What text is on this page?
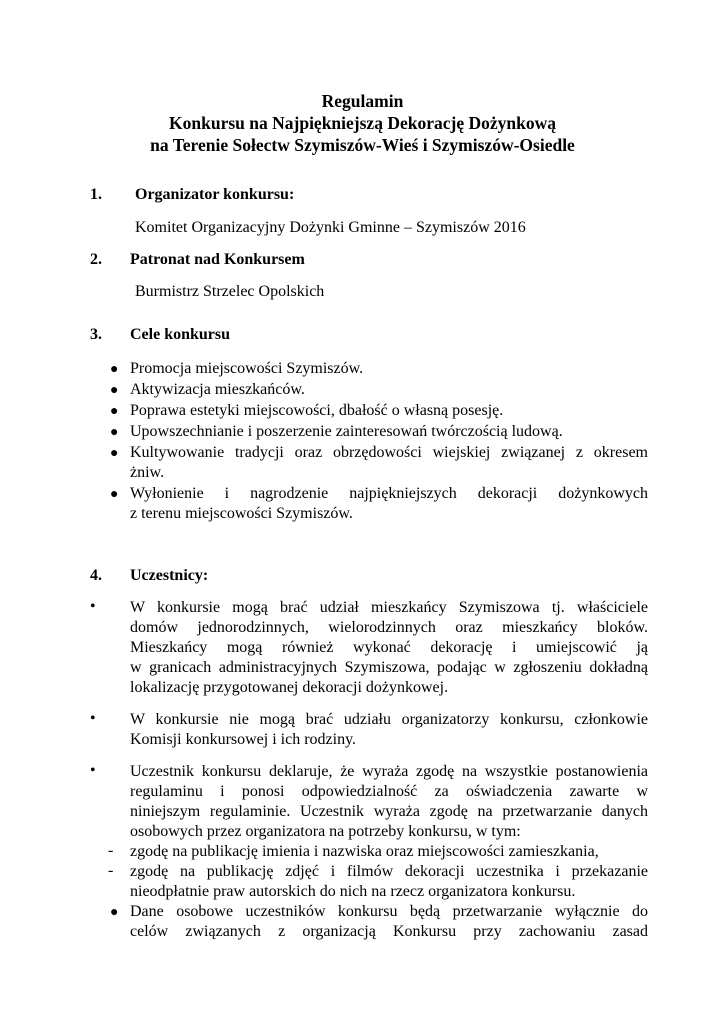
Regulamin
Konkursu na Najpiękniejszą Dekorację Dożynkową
na Terenie Sołectw Szymiszów-Wieś i Szymiszów-Osiedle
1. Organizator konkursu:
Komitet Organizacyjny Dożynki Gminne – Szymiszów 2016
2. Patronat nad Konkursem
Burmistrz Strzelec Opolskich
3. Cele konkursu
● Promocja miejscowości Szymiszów.
● Aktywizacja mieszkańców.
● Poprawa estetyki miejscowości, dbałość o własną posesję.
● Upowszechnianie i poszerzenie zainteresowań twórczością ludową.
● Kultywowanie tradycji oraz obrzędowości wiejskiej związanej z okresem
żniw.
● Wyłonienie i nagrodzenie najpiękniejszych dekoracji dożynkowych
z terenu miejscowości Szymiszów.
4. Uczestnicy:
• W konkursie mogą brać udział mieszkańcy Szymiszowa tj. właściciele
domów jednorodzinnych, wielorodzinnych oraz mieszkańcy bloków.
Mieszkańcy mogą również wykonać dekorację i umiejscowić ją
w granicach administracyjnych Szymiszowa, podając w zgłoszeniu dokładną
lokalizację przygotowanej dekoracji dożynkowej.
• W konkursie nie mogą brać udziału organizatorzy konkursu, członkowie
Komisji konkursowej i ich rodziny.
• Uczestnik konkursu deklaruje, że wyraża zgodę na wszystkie postanowienia
regulaminu i ponosi odpowiedzialność za oświadczenia zawarte w
niniejszym regulaminie. Uczestnik wyraża zgodę na przetwarzanie danych
osobowych przez organizatora na potrzeby konkursu, w tym:
- zgodę na publikację imienia i nazwiska oraz miejscowości zamieszkania,
- zgodę na publikację zdjęć i filmów dekoracji uczestnika i przekazanie
nieodpłatnie praw autorskich do nich na rzecz organizatora konkursu.
● Dane osobowe uczestników konkursu będą przetwarzanie wyłącznie do
celów związanych z organizacją Konkursu przy zachowaniu zasad
